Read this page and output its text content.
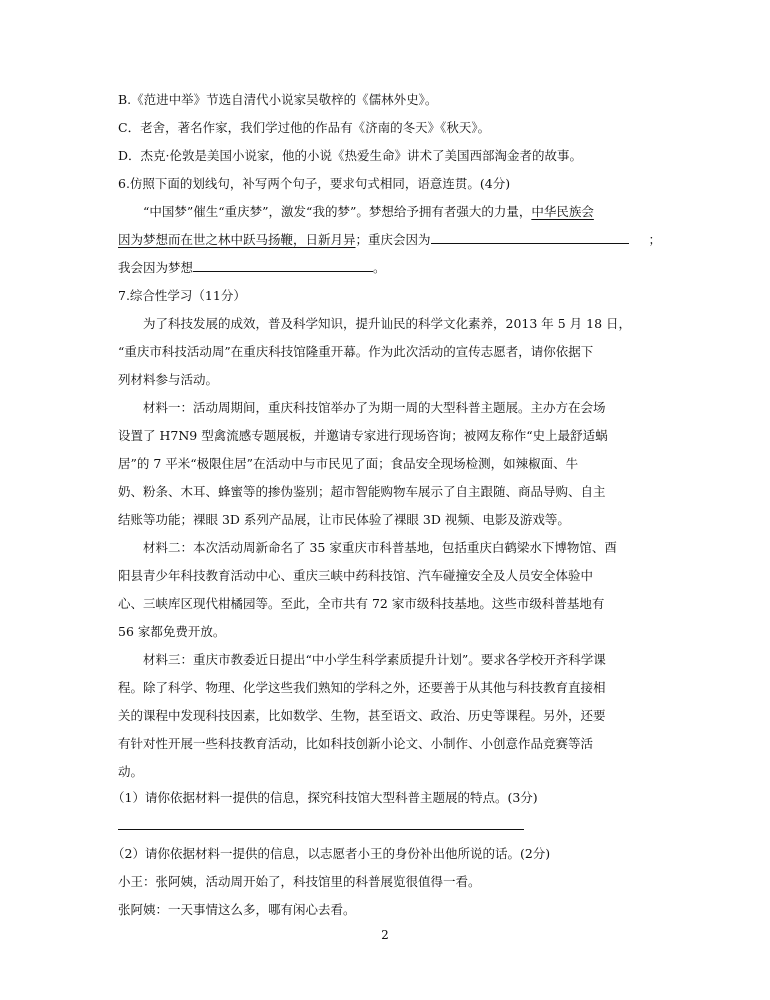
B.《范进中举》节选自清代小说家吴敬梓的《儒林外史》。
C．老舍，著名作家，我们学过他的作品有《济南的冬天》《秋天》。
D．杰克·伦敦是美国小说家，他的小说《热爱生命》讲术了美国西部淘金者的故事。
6.仿照下面的划线句，补写两个句子，要求句式相同，语意连贯。(4分)
“中国梦”催生“重庆梦”，激发“我的梦”。梦想给予拥有者强大的力量，中华民族会
因为梦想而在世之林中跃马扬鞭，日新月异；重庆会因为	；
我会因为梦想	。
7.综合性学习（11分）
为了科技发展的成效，普及科学知识，提升讪民的科学文化素养，2013 年 5 月 18 日，
“重庆市科技活动周”在重庆科技馆隆重开幕。作为此次活动的宣传志愿者，请你依据下
列材料参与活动。
材料一：活动周期间，重庆科技馆举办了为期一周的大型科普主题展。主办方在会场
设置了 H7N9 型禽流感专题展板，并邀请专家进行现场咨询；被网友称作“史上最舒适蜗
居”的 7 平米“极限住居”在活动中与市民见了面；食品安全现场检测，如辣椒面、牛
奶、粉条、木耳、蜂蜜等的掺伪鉴别；超市智能购物车展示了自主跟随、商品导购、自主
结账等功能；裸眼 3D 系列产品展，让市民体验了裸眼 3D 视频、电影及游戏等。
材料二：本次活动周新命名了 35 家重庆市科普基地，包括重庆白鹤梁水下博物馆、酉
阳县青少年科技教育活动中心、重庆三峡中药科技馆、汽车碰撞安全及人员安全体验中
心、三峡库区现代柑橘园等。至此，全市共有 72 家市级科技基地。这些市级科普基地有
56 家都免费开放。
材料三：重庆市教委近日提出“中小学生科学素质提升计划”。要求各学校开齐科学课
程。除了科学、物理、化学这些我们熟知的学科之外，还要善于从其他与科技教育直接相
关的课程中发现科技因素，比如数学、生物，甚至语文、政治、历史等课程。另外，还要
有针对性开展一些科技教育活动，比如科技创新小论文、小制作、小创意作品竞赛等活
动。
（1）请你依据材料一提供的信息，探究科技馆大型科普主题展的特点。(3分)
（2）请你依据材料一提供的信息，以志愿者小王的身份补出他所说的话。(2分)
小王：张阿姨，活动周开始了，科技馆里的科普展览很值得一看。
张阿姨：一天事情这么多，哪有闲心去看。
2
